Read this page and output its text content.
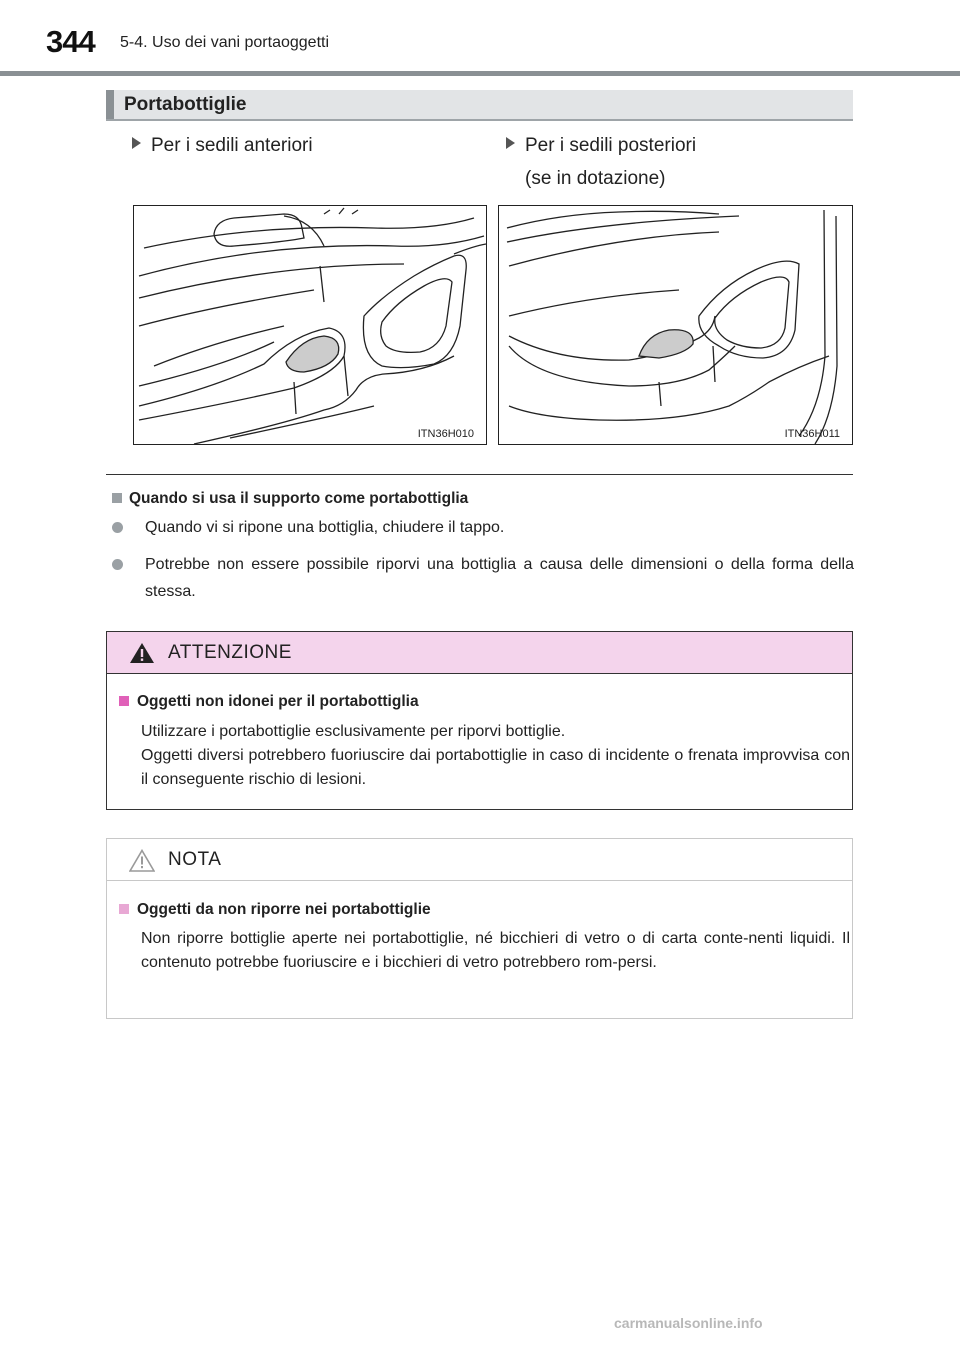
344 5-4. Uso dei vani portaoggetti
Portabottiglie
Per i sedili anteriori	Per i sedili posteriori
(se in dotazione)
ITN36H010	ITN36H011
Quando si usa il supporto come portabottiglia
Quando vi si ripone una bottiglia, chiudere il tappo.
Potrebbe non essere possibile riporvi una bottiglia a causa delle dimensioni o della forma della stessa.
ATTENZIONE
Oggetti non idonei per il portabottiglia
Utilizzare i portabottiglie esclusivamente per riporvi bottiglie.
Oggetti diversi potrebbero fuoriuscire dai portabottiglie in caso di incidente o frenata improvvisa con il conseguente rischio di lesioni.
NOTA
Oggetti da non riporre nei portabottiglie
Non riporre bottiglie aperte nei portabottiglie, né bicchieri di vetro o di carta conte-nenti liquidi. Il contenuto potrebbe fuoriuscire e i bicchieri di vetro potrebbero rom-persi.
carmanualsonline.info
